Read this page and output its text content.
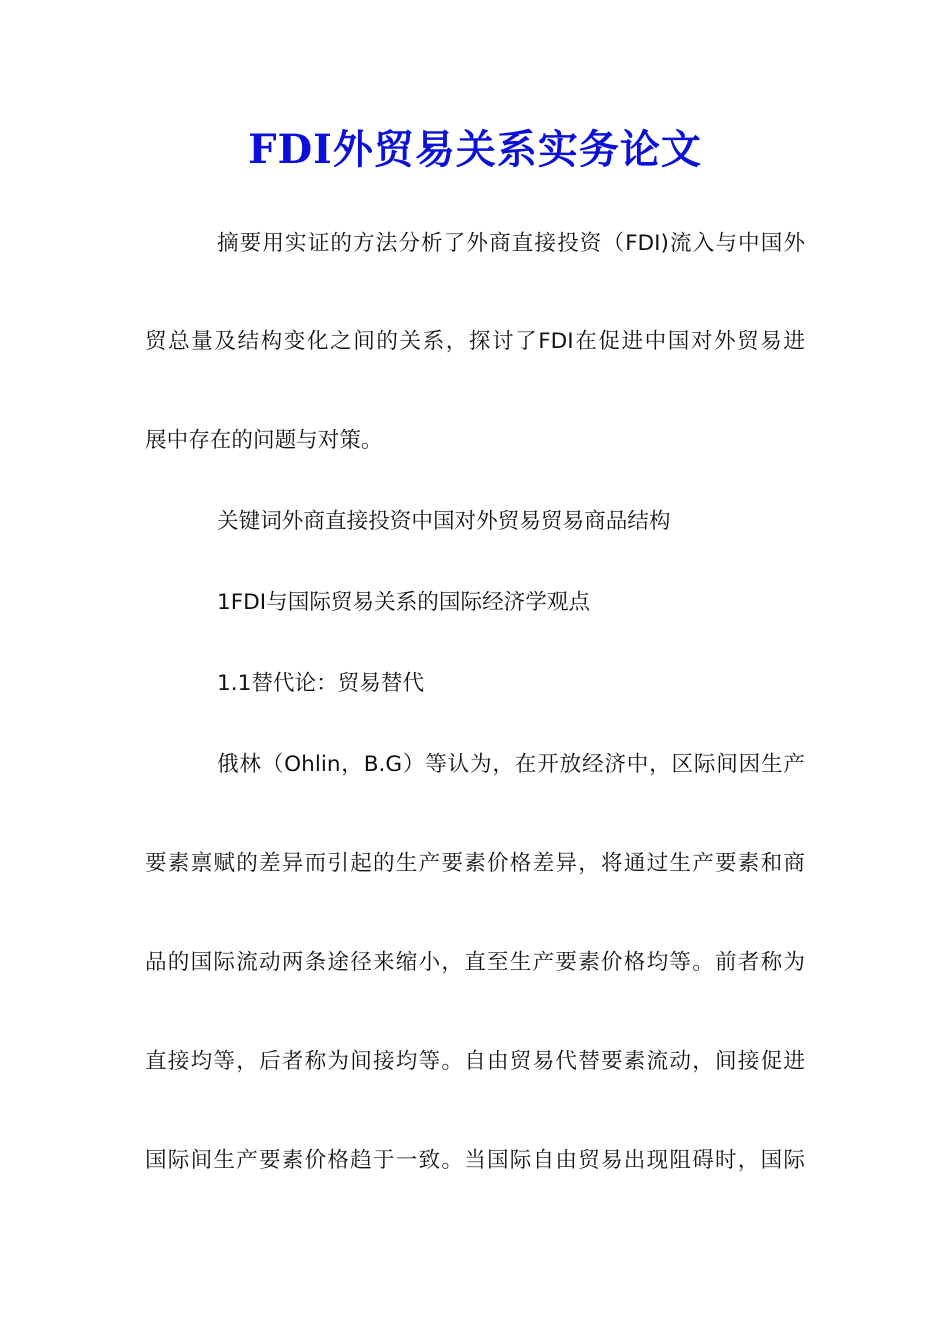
FDI外贸易关系实务论文
摘要用实证的方法分析了外商直接投资（FDI)流入与中国外
贸总量及结构变化之间的关系，探讨了FDI在促进中国对外贸易进
展中存在的问题与对策。
关键词外商直接投资中国对外贸易贸易商品结构
1FDI与国际贸易关系的国际经济学观点
1.1替代论：贸易替代
俄林（Ohlin，B.G）等认为，在开放经济中，区际间因生产
要素禀赋的差异而引起的生产要素价格差异，将通过生产要素和商
品的国际流动两条途径来缩小，直至生产要素价格均等。前者称为
直接均等，后者称为间接均等。自由贸易代替要素流动，间接促进
国际间生产要素价格趋于一致。当国际自由贸易出现阻碍时，国际
